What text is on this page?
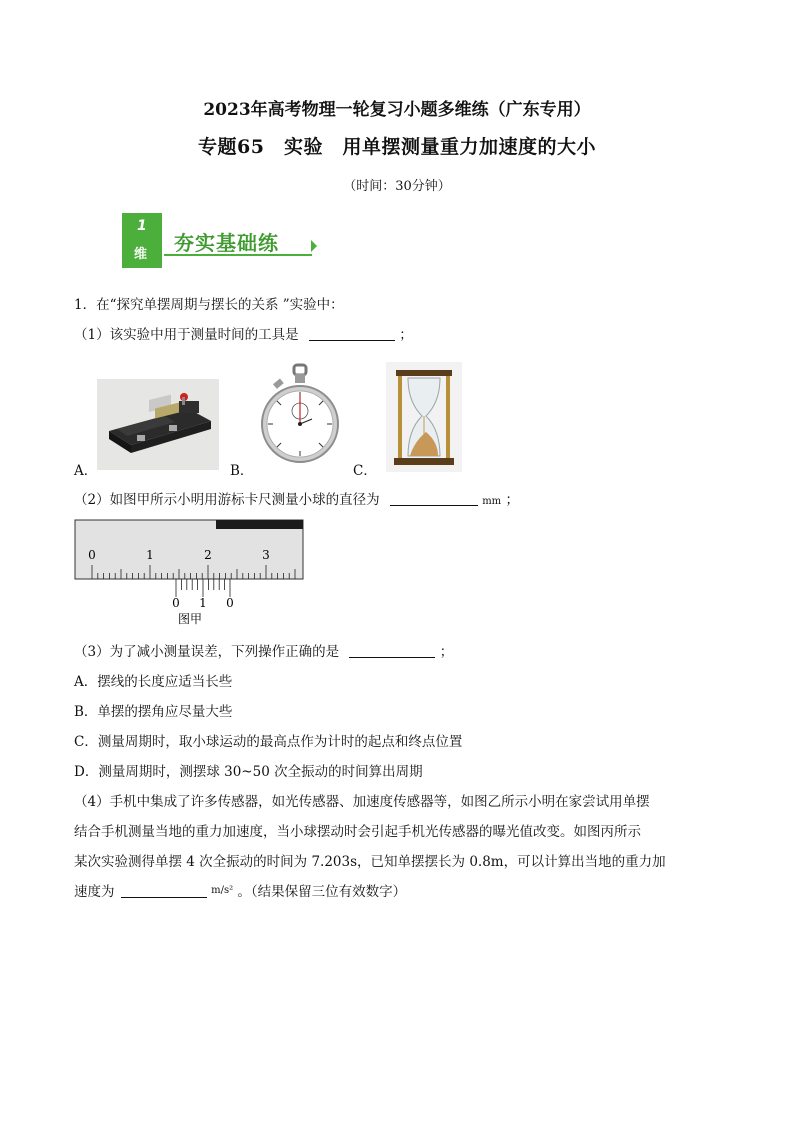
2023年高考物理一轮复习小题多维练（广东专用）
专题65　实验　用单摆测量重力加速度的大小
（时间：30分钟）
1
维 夯实基础练
1．在“探究单摆周期与摆长的关系 ”实验中：
（1）该实验中用于测量时间的工具是	；
A．	B．	C．
（2）如图甲所示小明用游标卡尺测量小球的直径为	mm ；
0	1	2	3
0 1 0
图甲
（3）为了减小测量误差，下列操作正确的是	；
A．摆线的长度应适当长些
B．单摆的摆角应尽量大些
C．测量周期时，取小球运动的最高点作为计时的起点和终点位置
D．测量周期时，测摆球 30~50 次全振动的时间算出周期
（4）手机中集成了许多传感器，如光传感器、加速度传感器等，如图乙所示小明在家尝试用单摆
结合手机测量当地的重力加速度，当小球摆动时会引起手机光传感器的曝光值改变。如图丙所示
某次实验测得单摆 4 次全振动的时间为 7.203s，已知单摆摆长为 0.8m，可以计算出当地的重力加
速度为	$^{m/s^2}$ 。（结果保留三位有效数字）
